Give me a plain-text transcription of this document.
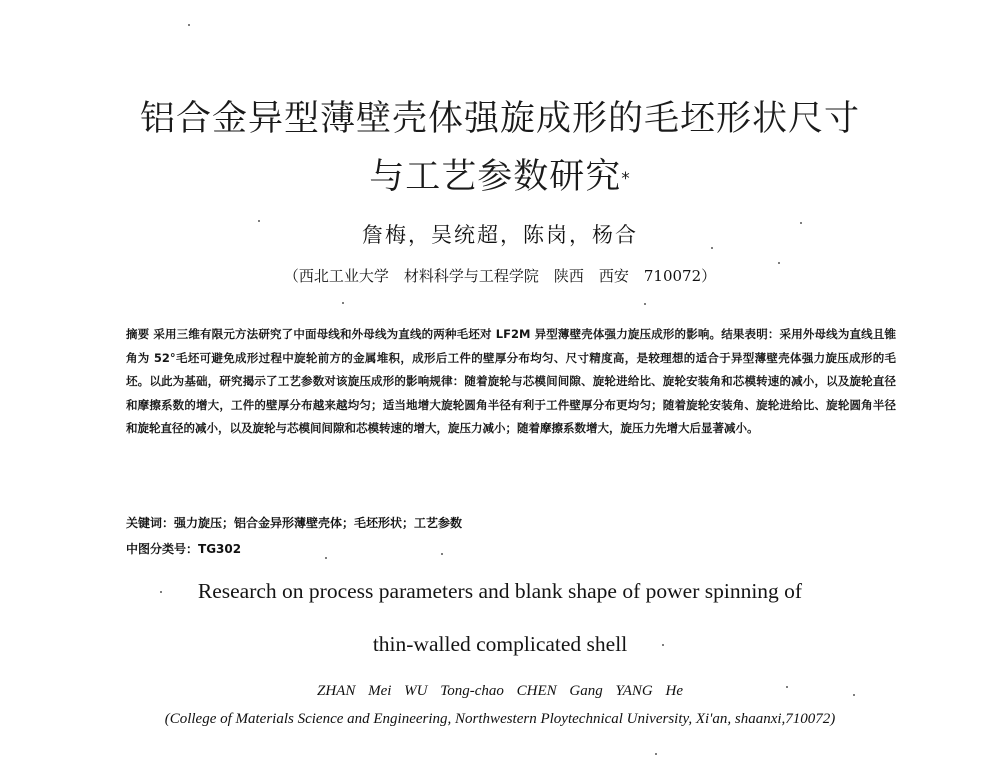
铝合金异型薄壁壳体强旋成形的毛坯形状尺寸
与工艺参数研究*
詹梅，吴统超，陈岗，杨合
（西北工业大学　材料科学与工程学院　陕西　西安　710072）
摘要 采用三维有限元方法研究了中面母线和外母线为直线的两种毛坯对 LF2M 异型薄壁壳体强力旋压成形的影响。结果表明：采用外母线为直线且锥角为 52°毛坯可避免成形过程中旋轮前方的金属堆积，成形后工件的壁厚分布均匀、尺寸精度高，是较理想的适合于异型薄壁壳体强力旋压成形的毛坯。以此为基础，研究揭示了工艺参数对该旋压成形的影响规律：随着旋轮与芯模间间隙、旋轮进给比、旋轮安装角和芯模转速的减小，以及旋轮直径和摩擦系数的增大，工件的壁厚分布越来越均匀；适当地增大旋轮圆角半径有利于工件壁厚分布更均匀；随着旋轮安装角、旋轮进给比、旋轮圆角半径和旋轮直径的减小，以及旋轮与芯模间间隙和芯模转速的增大，旋压力减小；随着摩擦系数增大，旋压力先增大后显著减小。
关键词：强力旋压；铝合金异形薄壁壳体；毛坯形状；工艺参数
中图分类号：TG302
Research on process parameters and blank shape of power spinning of
thin-walled complicated shell
ZHAN Mei WU Tong-chao CHEN Gang YANG He
(College of Materials Science and Engineering, Northwestern Ploytechnical University, Xi'an, shaanxi,710072)
